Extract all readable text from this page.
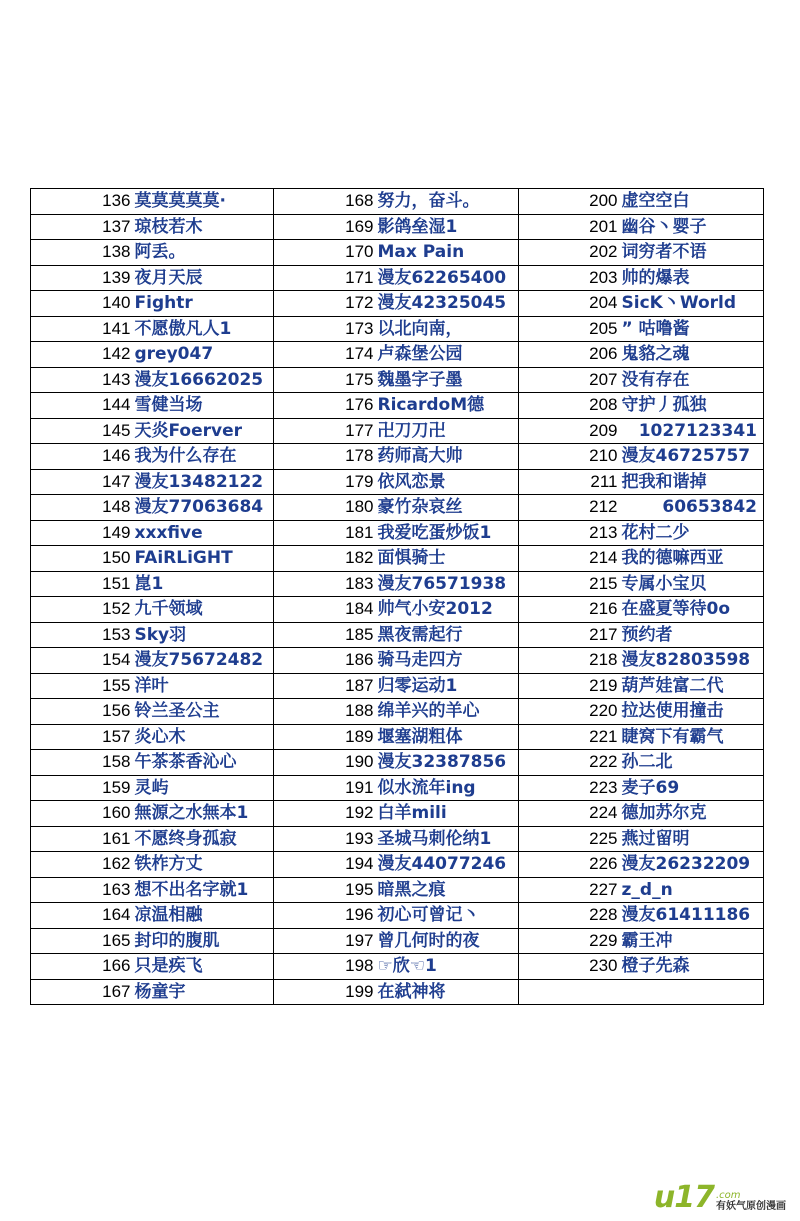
136	莫莫莫莫莫·	168	努力，奋斗。	200	虚空空白
137	琼枝若木	169	影鸽垒湿1	201	幽谷丶婴子
138	阿丢。	170	Max Pain	202	词穷者不语
139	夜月天辰	171	漫友62265400	203	帅的爆表
140	Fightr	172	漫友42325045	204	SicK丶World
141	不愿傲凡人1	173	以北向南，	205	” 咕噜酱
142	grey047	174	卢森堡公园	206	鬼貉之魂
143	漫友16662025	175	魏墨字子墨	207	没有存在
144	雪健当场	176	RicardoM德	208	守护丿孤独
145	天炎Foerver	177	卍刀刀卍	209	1027123341
146	我为什么存在	178	药师高大帅	210	漫友46725757
147	漫友13482122	179	依风恋景	211	把我和谐掉
148	漫友77063684	180	豪竹杂哀丝	212	60653842
149	xxxfive	181	我爱吃蛋炒饭1	213	花村二少
150	FAiRLiGHT	182	面惧骑士	214	我的德嘛西亚
151	崑1	183	漫友76571938	215	专属小宝贝
152	九千领域	184	帅气小安2012	216	在盛夏等待0o
153	Sky羽	185	黑夜需起行	217	预约者
154	漫友75672482	186	骑马走四方	218	漫友82803598
155	洋叶	187	归零运动1	219	葫芦娃富二代
156	铃兰圣公主	188	绵羊兴的羊心	220	拉达使用撞击
157	炎心木	189	堰塞湖粗体	221	睫窝下有霸气
158	午茶茶香沁心	190	漫友32387856	222	孙二北
159	灵屿	191	似水流年ing	223	麦子69
160	無源之水無本1	192	白羊mili	224	德加苏尔克
161	不愿终身孤寂	193	圣城马刺伦纳1	225	燕过留明
162	铁柞方丈	194	漫友44077246	226	漫友26232209
163	想不出名字就1	195	暗黑之痕	227	z_d_n
164	凉温相融	196	初心可曾记丶	228	漫友61411186
165	封印的腹肌	197	曾几何时的夜	229	霸王冲
166	只是疾飞	198	☞欣☜1	230	橙子先森
167	杨童宇	199	在弑神将		
u17 .com
有妖气原创漫画
